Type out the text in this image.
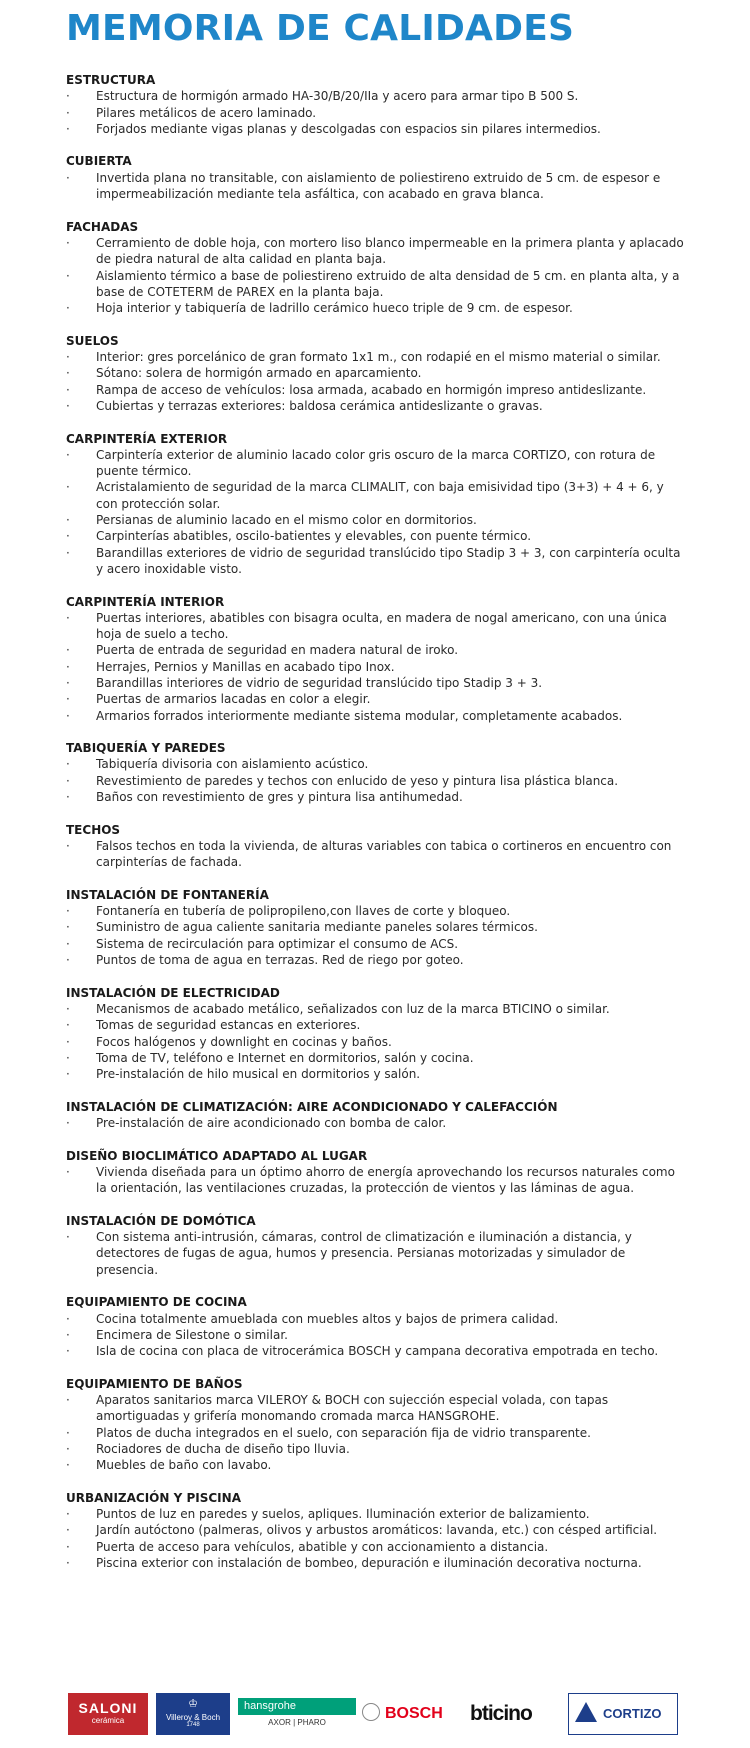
MEMORIA DE CALIDADES
ESTRUCTURA
·	Estructura de hormigón armado HA-30/B/20/IIa y acero para armar tipo B 500 S.
·	Pilares metálicos de acero laminado.
·	Forjados mediante vigas planas y descolgadas con espacios sin pilares intermedios.
CUBIERTA
·	Invertida plana no transitable, con aislamiento de poliestireno extruido de 5 cm. de espesor e impermeabilización mediante tela asfáltica, con acabado en grava blanca.
FACHADAS
·	Cerramiento de doble hoja, con mortero liso blanco impermeable en la primera planta y aplacado de piedra natural de alta calidad en planta baja.
·	Aislamiento térmico a base de poliestireno extruido de alta densidad de 5 cm. en planta alta, y a base de COTETERM de PAREX en la planta baja.
·	Hoja interior y tabiquería de ladrillo cerámico hueco triple de 9 cm. de espesor.
SUELOS
·	Interior: gres porcelánico de gran formato 1x1 m., con rodapié en el mismo material o similar.
·	Sótano: solera de hormigón armado en aparcamiento.
·	Rampa de acceso de vehículos: losa armada, acabado en hormigón impreso antideslizante.
·	Cubiertas y terrazas exteriores: baldosa cerámica antideslizante o gravas.
CARPINTERÍA EXTERIOR
·	Carpintería exterior de aluminio lacado color gris oscuro de la marca CORTIZO, con rotura de puente térmico.
·	Acristalamiento de seguridad de la marca CLIMALIT, con baja emisividad tipo (3+3) + 4 + 6, y con protección solar.
·	Persianas de aluminio lacado en el mismo color en dormitorios.
·	Carpinterías abatibles, oscilo-batientes y elevables, con puente térmico.
·	Barandillas exteriores de vidrio de seguridad translúcido tipo Stadip 3 + 3, con carpintería oculta y acero inoxidable visto.
CARPINTERÍA INTERIOR
·	Puertas interiores, abatibles con bisagra oculta, en madera de nogal americano, con una única hoja de suelo a techo.
·	Puerta de entrada de seguridad en madera natural de iroko.
·	Herrajes, Pernios y Manillas en acabado tipo Inox.
·	Barandillas interiores de vidrio de seguridad translúcido tipo Stadip 3 + 3.
·	Puertas de armarios lacadas en color a elegir.
·	Armarios forrados interiormente mediante sistema modular, completamente acabados.
TABIQUERÍA Y PAREDES
·	Tabiquería divisoria con aislamiento acústico.
·	Revestimiento de paredes y techos con enlucido de yeso y pintura lisa plástica blanca.
·	Baños con revestimiento de gres y pintura lisa antihumedad.
TECHOS
·	Falsos techos en toda la vivienda, de alturas variables con tabica o cortineros en encuentro con carpinterías de fachada.
INSTALACIÓN DE FONTANERÍA
·	Fontanería en tubería de polipropileno,con llaves de corte y bloqueo.
·	Suministro de agua caliente sanitaria mediante paneles solares térmicos.
·	Sistema de recirculación para optimizar el consumo de ACS.
·	Puntos de toma de agua en terrazas. Red de riego por goteo.
INSTALACIÓN DE ELECTRICIDAD
·	Mecanismos de acabado metálico, señalizados con luz de la marca BTICINO o similar.
·	Tomas de seguridad estancas en exteriores.
·	Focos halógenos y downlight en cocinas y baños.
·	Toma de TV, teléfono e Internet en dormitorios, salón y cocina.
·	Pre-instalación de hilo musical en dormitorios y salón.
INSTALACIÓN DE CLIMATIZACIÓN: AIRE ACONDICIONADO Y CALEFACCIÓN
·	Pre-instalación de aire acondicionado con bomba de calor.
DISEÑO BIOCLIMÁTICO ADAPTADO AL LUGAR
·	Vivienda diseñada para un óptimo ahorro de energía aprovechando los recursos naturales como la orientación, las ventilaciones cruzadas, la protección de vientos y las láminas de agua.
INSTALACIÓN DE DOMÓTICA
·	Con sistema anti-intrusión, cámaras, control de climatización e iluminación a distancia, y detectores de fugas de agua, humos y presencia. Persianas motorizadas y simulador de presencia.
EQUIPAMIENTO DE COCINA
·	Cocina totalmente amueblada con muebles altos y bajos de primera calidad.
·	Encimera de Silestone o similar.
·	Isla de cocina con placa de vitrocerámica BOSCH y campana decorativa empotrada en techo.
EQUIPAMIENTO DE BAÑOS
·	Aparatos sanitarios marca VILEROY & BOCH con sujección especial volada, con tapas amortiguadas y grifería monomando cromada marca HANSGROHE.
·	Platos de ducha integrados en el suelo, con separación fija de vidrio transparente.
·	Rociadores de ducha de diseño tipo lluvia.
·	Muebles de baño con lavabo.
URBANIZACIÓN Y PISCINA
·	Puntos de luz en paredes y suelos, apliques. Iluminación exterior de balizamiento.
·	Jardín autóctono (palmeras, olivos y arbustos aromáticos: lavanda, etc.) con césped artificial.
·	Puerta de acceso para vehículos, abatible y con accionamiento a distancia.
·	Piscina exterior con instalación de bombeo, depuración e iluminación decorativa nocturna.
SALONI
cerámica
♔
Villeroy & Boch
1748
hansgrohe
AXOR | PHARO
BOSCH	bticino	CORTIZO
